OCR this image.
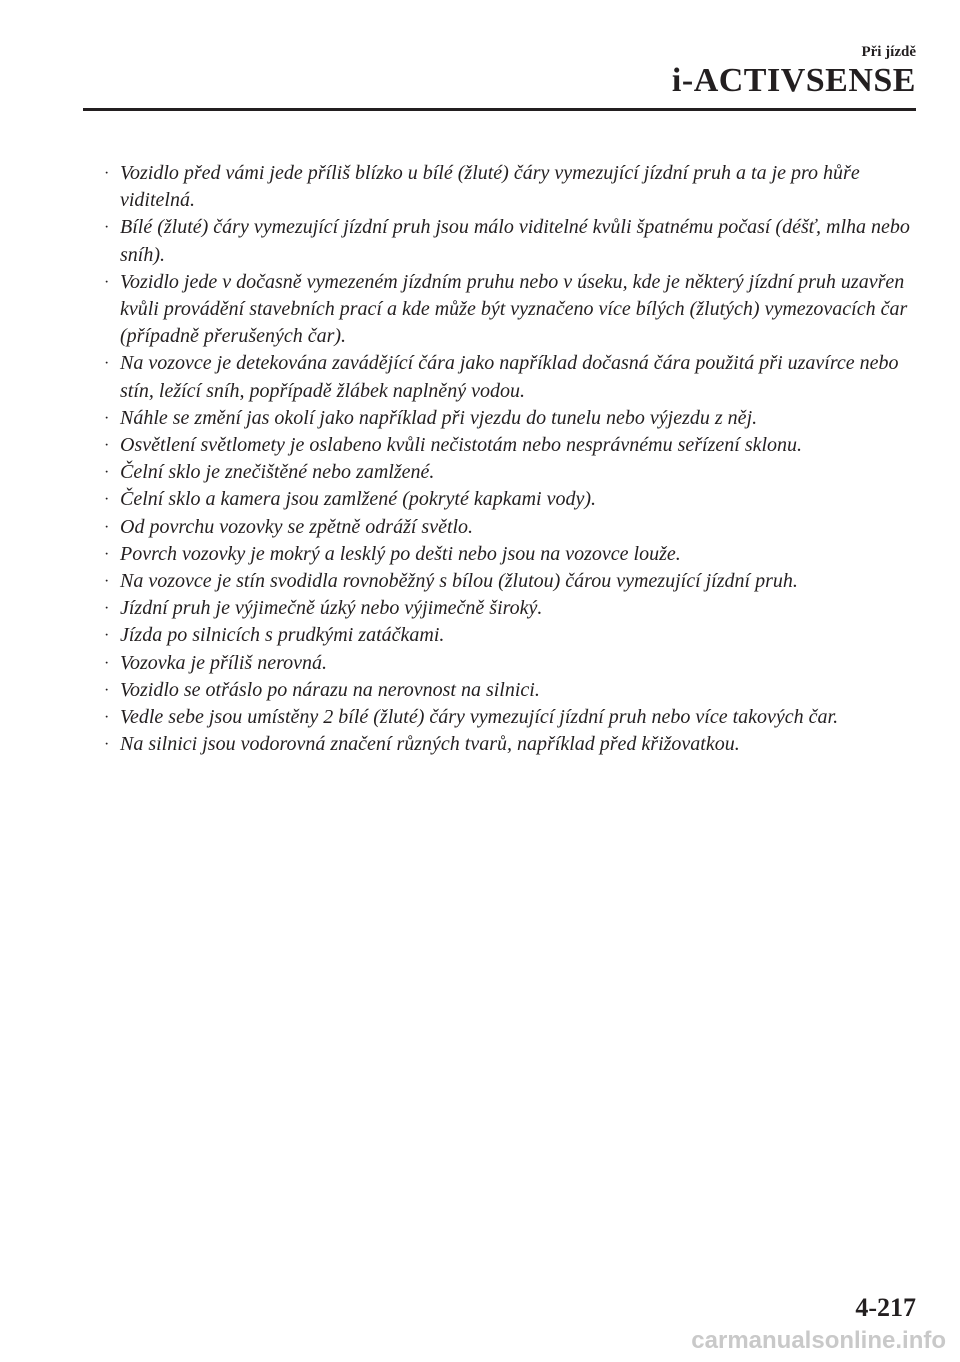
Při jízdě
i-ACTIVSENSE
· Vozidlo před vámi jede příliš blízko u bílé (žluté) čáry vymezující jízdní pruh a ta je pro hůře viditelná.
· Bílé (žluté) čáry vymezující jízdní pruh jsou málo viditelné kvůli špatnému počasí (déšť, mlha nebo sníh).
· Vozidlo jede v dočasně vymezeném jízdním pruhu nebo v úseku, kde je některý jízdní pruh uzavřen kvůli provádění stavebních prací a kde může být vyznačeno více bílých (žlutých) vymezovacích čar (případně přerušených čar).
· Na vozovce je detekována zavádějící čára jako například dočasná čára použitá při uzavírce nebo stín, ležící sníh, popřípadě žlábek naplněný vodou.
· Náhle se změní jas okolí jako například při vjezdu do tunelu nebo výjezdu z něj.
· Osvětlení světlomety je oslabeno kvůli nečistotám nebo nesprávnému seřízení sklonu.
· Čelní sklo je znečištěné nebo zamlžené.
· Čelní sklo a kamera jsou zamlžené (pokryté kapkami vody).
· Od povrchu vozovky se zpětně odráží světlo.
· Povrch vozovky je mokrý a lesklý po dešti nebo jsou na vozovce louže.
· Na vozovce je stín svodidla rovnoběžný s bílou (žlutou) čárou vymezující jízdní pruh.
· Jízdní pruh je výjimečně úzký nebo výjimečně široký.
· Jízda po silnicích s prudkými zatáčkami.
· Vozovka je příliš nerovná.
· Vozidlo se otřáslo po nárazu na nerovnost na silnici.
· Vedle sebe jsou umístěny 2 bílé (žluté) čáry vymezující jízdní pruh nebo více takových čar.
· Na silnici jsou vodorovná značení různých tvarů, například před křižovatkou.
4-217
carmanualsonline.info
